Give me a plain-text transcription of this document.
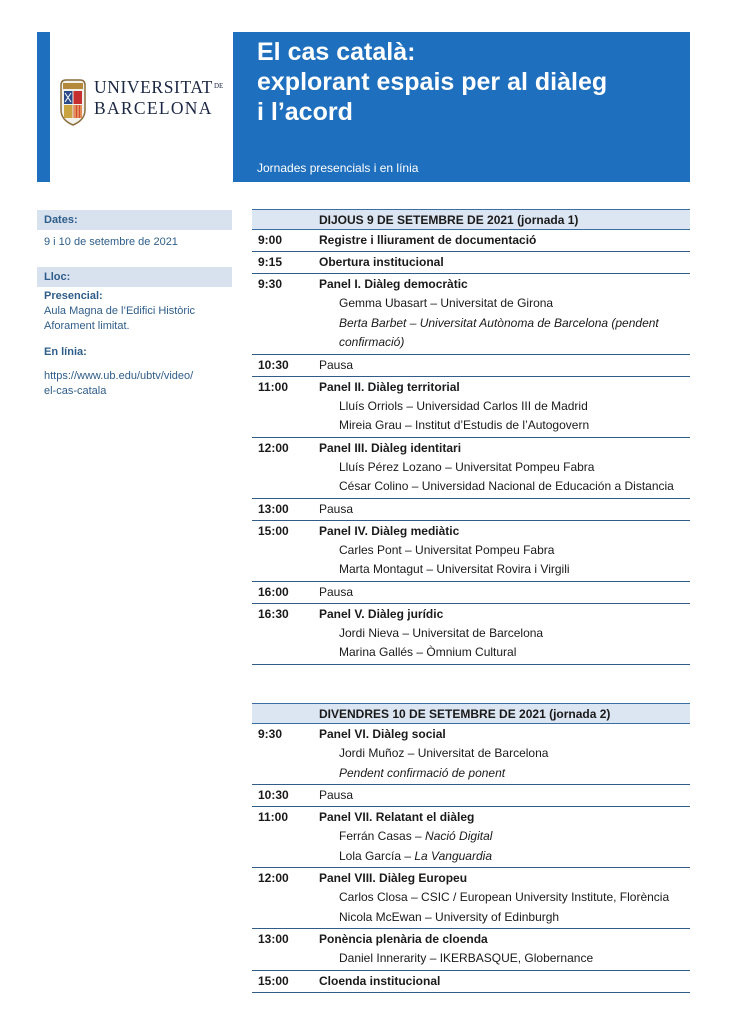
$UNIVERSITAT^{DE}$
BARCELONA
El cas català:
explorant espais per al diàleg
i l’acord
Jornades presencials i en línia
Dates:
9 i 10 de setembre de 2021
Lloc:
Presencial:
Aula Magna de l’Edifici Històric
Aforament limitat.
En línia:
https://www.ub.edu/ubtv/video/
el-cas-catala
DIJOUS 9 DE SETEMBRE DE 2021 (jornada 1)
9:00	Registre i lliurament de documentació
9:15	Obertura institucional
9:30	Panel I. Diàleg democràtic
Gemma Ubasart – Universitat de Girona
Berta Barbet – Universitat Autònoma de Barcelona (pendent confirmació)
10:30	Pausa
11:00	Panel II. Diàleg territorial
Lluís Orriols – Universidad Carlos III de Madrid
Mireia Grau – Institut d’Estudis de l’Autogovern
12:00	Panel III. Diàleg identitari
Lluís Pérez Lozano – Universitat Pompeu Fabra
César Colino – Universidad Nacional de Educación a Distancia
13:00	Pausa
15:00	Panel IV. Diàleg mediàtic
Carles Pont – Universitat Pompeu Fabra
Marta Montagut – Universitat Rovira i Virgili
16:00	Pausa
16:30	Panel V. Diàleg jurídic
Jordi Nieva – Universitat de Barcelona
Marina Gallés – Òmnium Cultural
DIVENDRES 10 DE SETEMBRE DE 2021 (jornada 2)
9:30	Panel VI. Diàleg social
Jordi Muñoz – Universitat de Barcelona
Pendent confirmació de ponent
10:30	Pausa
11:00	Panel VII. Relatant el diàleg
Ferrán Casas – Nació Digital
Lola García – La Vanguardia
12:00	Panel VIII. Diàleg Europeu
Carlos Closa – CSIC / European University Institute, Florència
Nicola McEwan – University of Edinburgh
13:00	Ponència plenària de cloenda
Daniel Innerarity – IKERBASQUE, Globernance
15:00	Cloenda institucional
